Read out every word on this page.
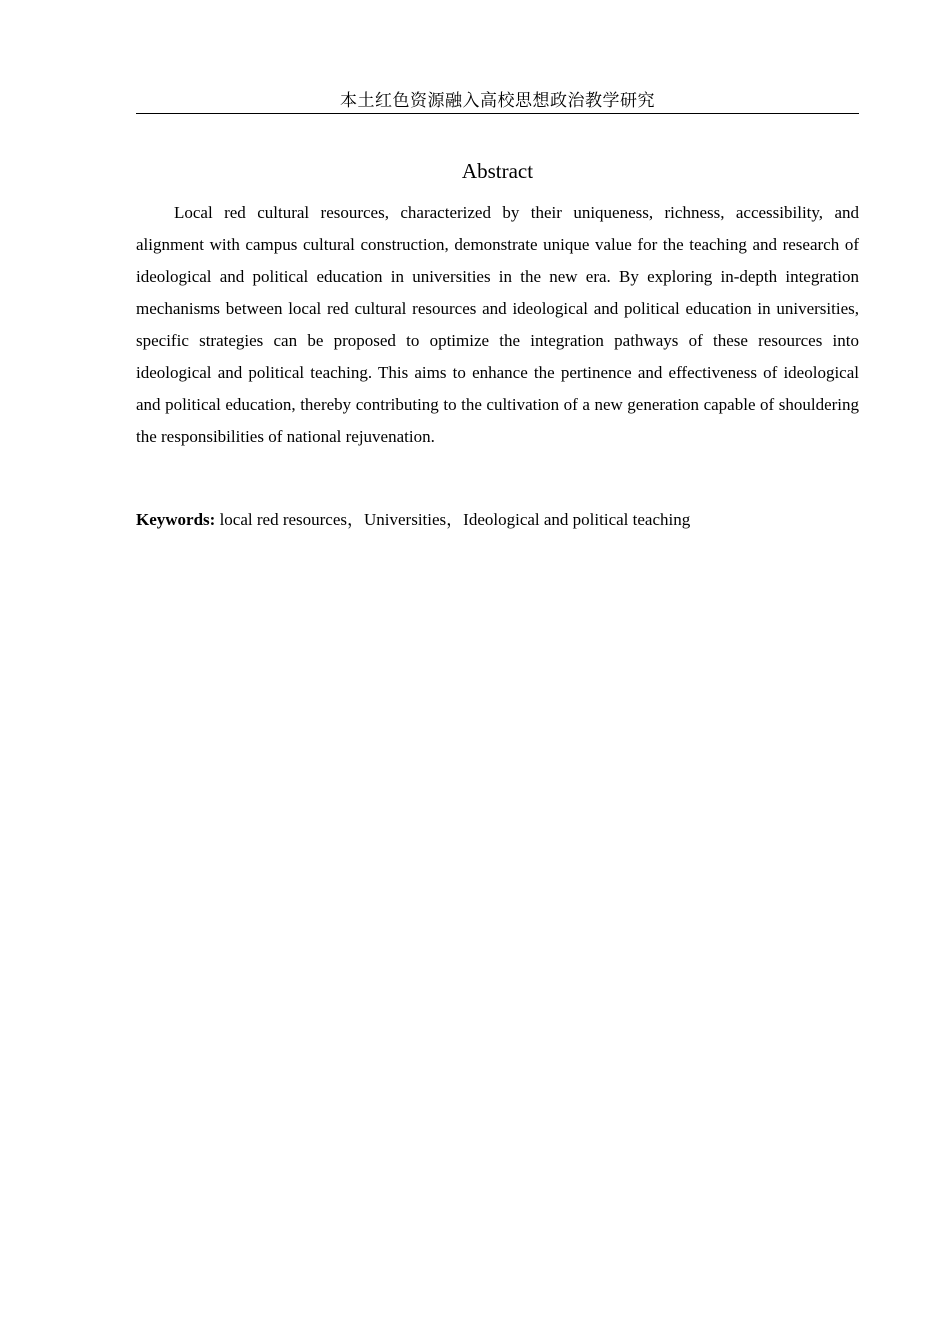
本土红色资源融入高校思想政治教学研究
Abstract

Local red cultural resources, characterized by their uniqueness, richness, accessibility, and alignment with campus cultural construction, demonstrate unique value for the teaching and research of ideological and political education in universities in the new era. By exploring in-depth integration mechanisms between local red cultural resources and ideological and political education in universities, specific strategies can be proposed to optimize the integration pathways of these resources into ideological and political teaching. This aims to enhance the pertinence and effectiveness of ideological and political education, thereby contributing to the cultivation of a new generation capable of shouldering the responsibilities of national rejuvenation.

Keywords: local red resources，Universities，Ideological and political teaching
